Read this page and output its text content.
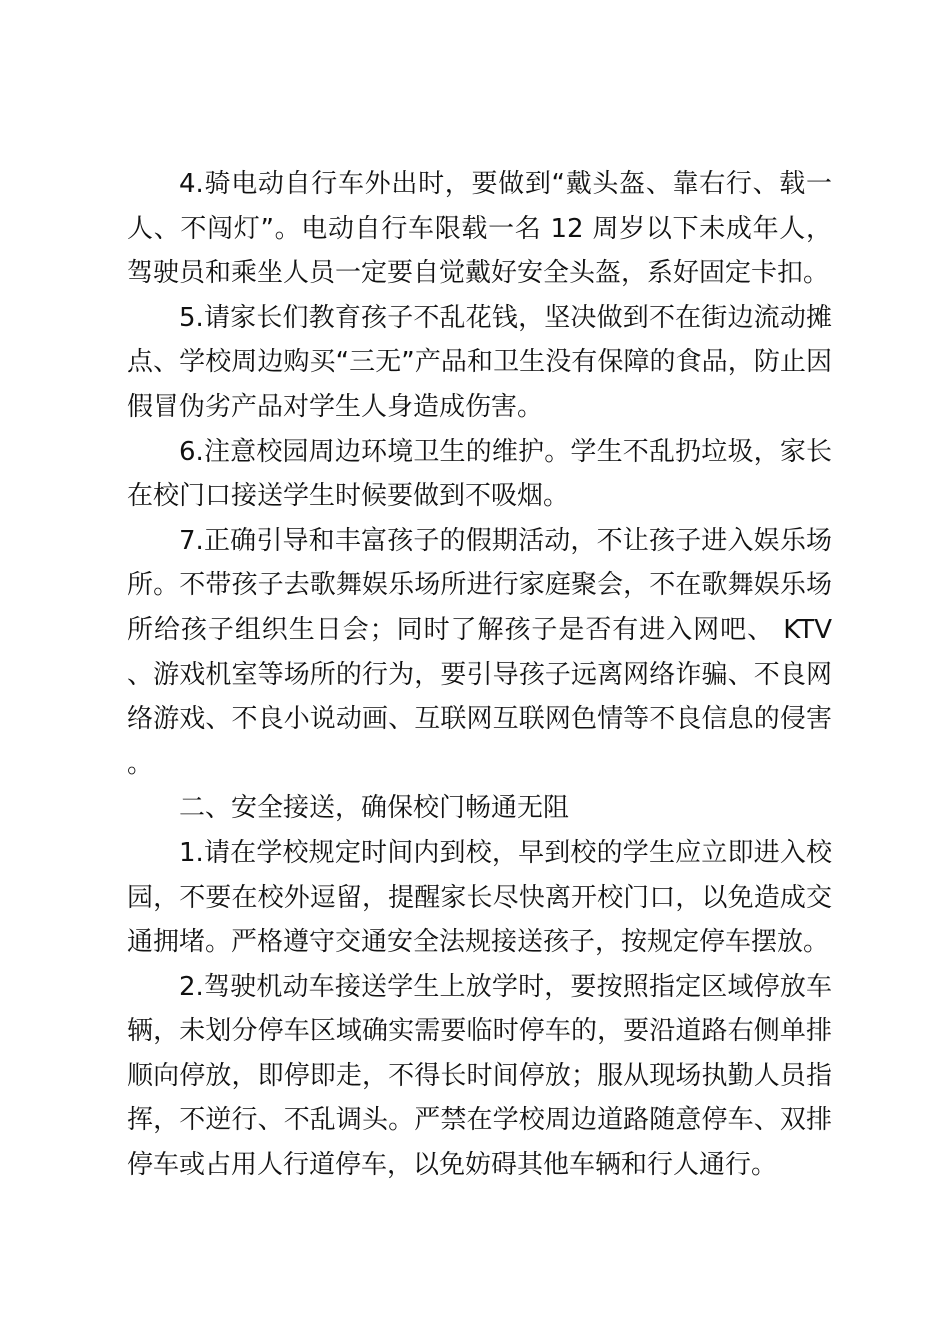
4.骑电动自行车外出时，要做到“戴头盔、靠右行、载一人、不闯灯”。电动自行车限载一名 12 周岁以下未成年人，驾驶员和乘坐人员一定要自觉戴好安全头盔，系好固定卡扣。

5.请家长们教育孩子不乱花钱，坚决做到不在街边流动摊点、学校周边购买“三无”产品和卫生没有保障的食品，防止因假冒伪劣产品对学生人身造成伤害。

6.注意校园周边环境卫生的维护。学生不乱扔垃圾，家长在校门口接送学生时候要做到不吸烟。

7.正确引导和丰富孩子的假期活动，不让孩子进入娱乐场所。不带孩子去歌舞娱乐场所进行家庭聚会，不在歌舞娱乐场所给孩子组织生日会；同时了解孩子是否有进入网吧、 KTV、游戏机室等场所的行为，要引导孩子远离网络诈骗、不良网络游戏、不良小说动画、互联网互联网色情等不良信息的侵害。

二、安全接送，确保校门畅通无阻

1.请在学校规定时间内到校，早到校的学生应立即进入校园，不要在校外逗留，提醒家长尽快离开校门口，以免造成交通拥堵。严格遵守交通安全法规接送孩子，按规定停车摆放。

2.驾驶机动车接送学生上放学时，要按照指定区域停放车辆，未划分停车区域确实需要临时停车的，要沿道路右侧单排顺向停放，即停即走，不得长时间停放；服从现场执勤人员指挥，不逆行、不乱调头。严禁在学校周边道路随意停车、双排停车或占用人行道停车，以免妨碍其他车辆和行人通行。
